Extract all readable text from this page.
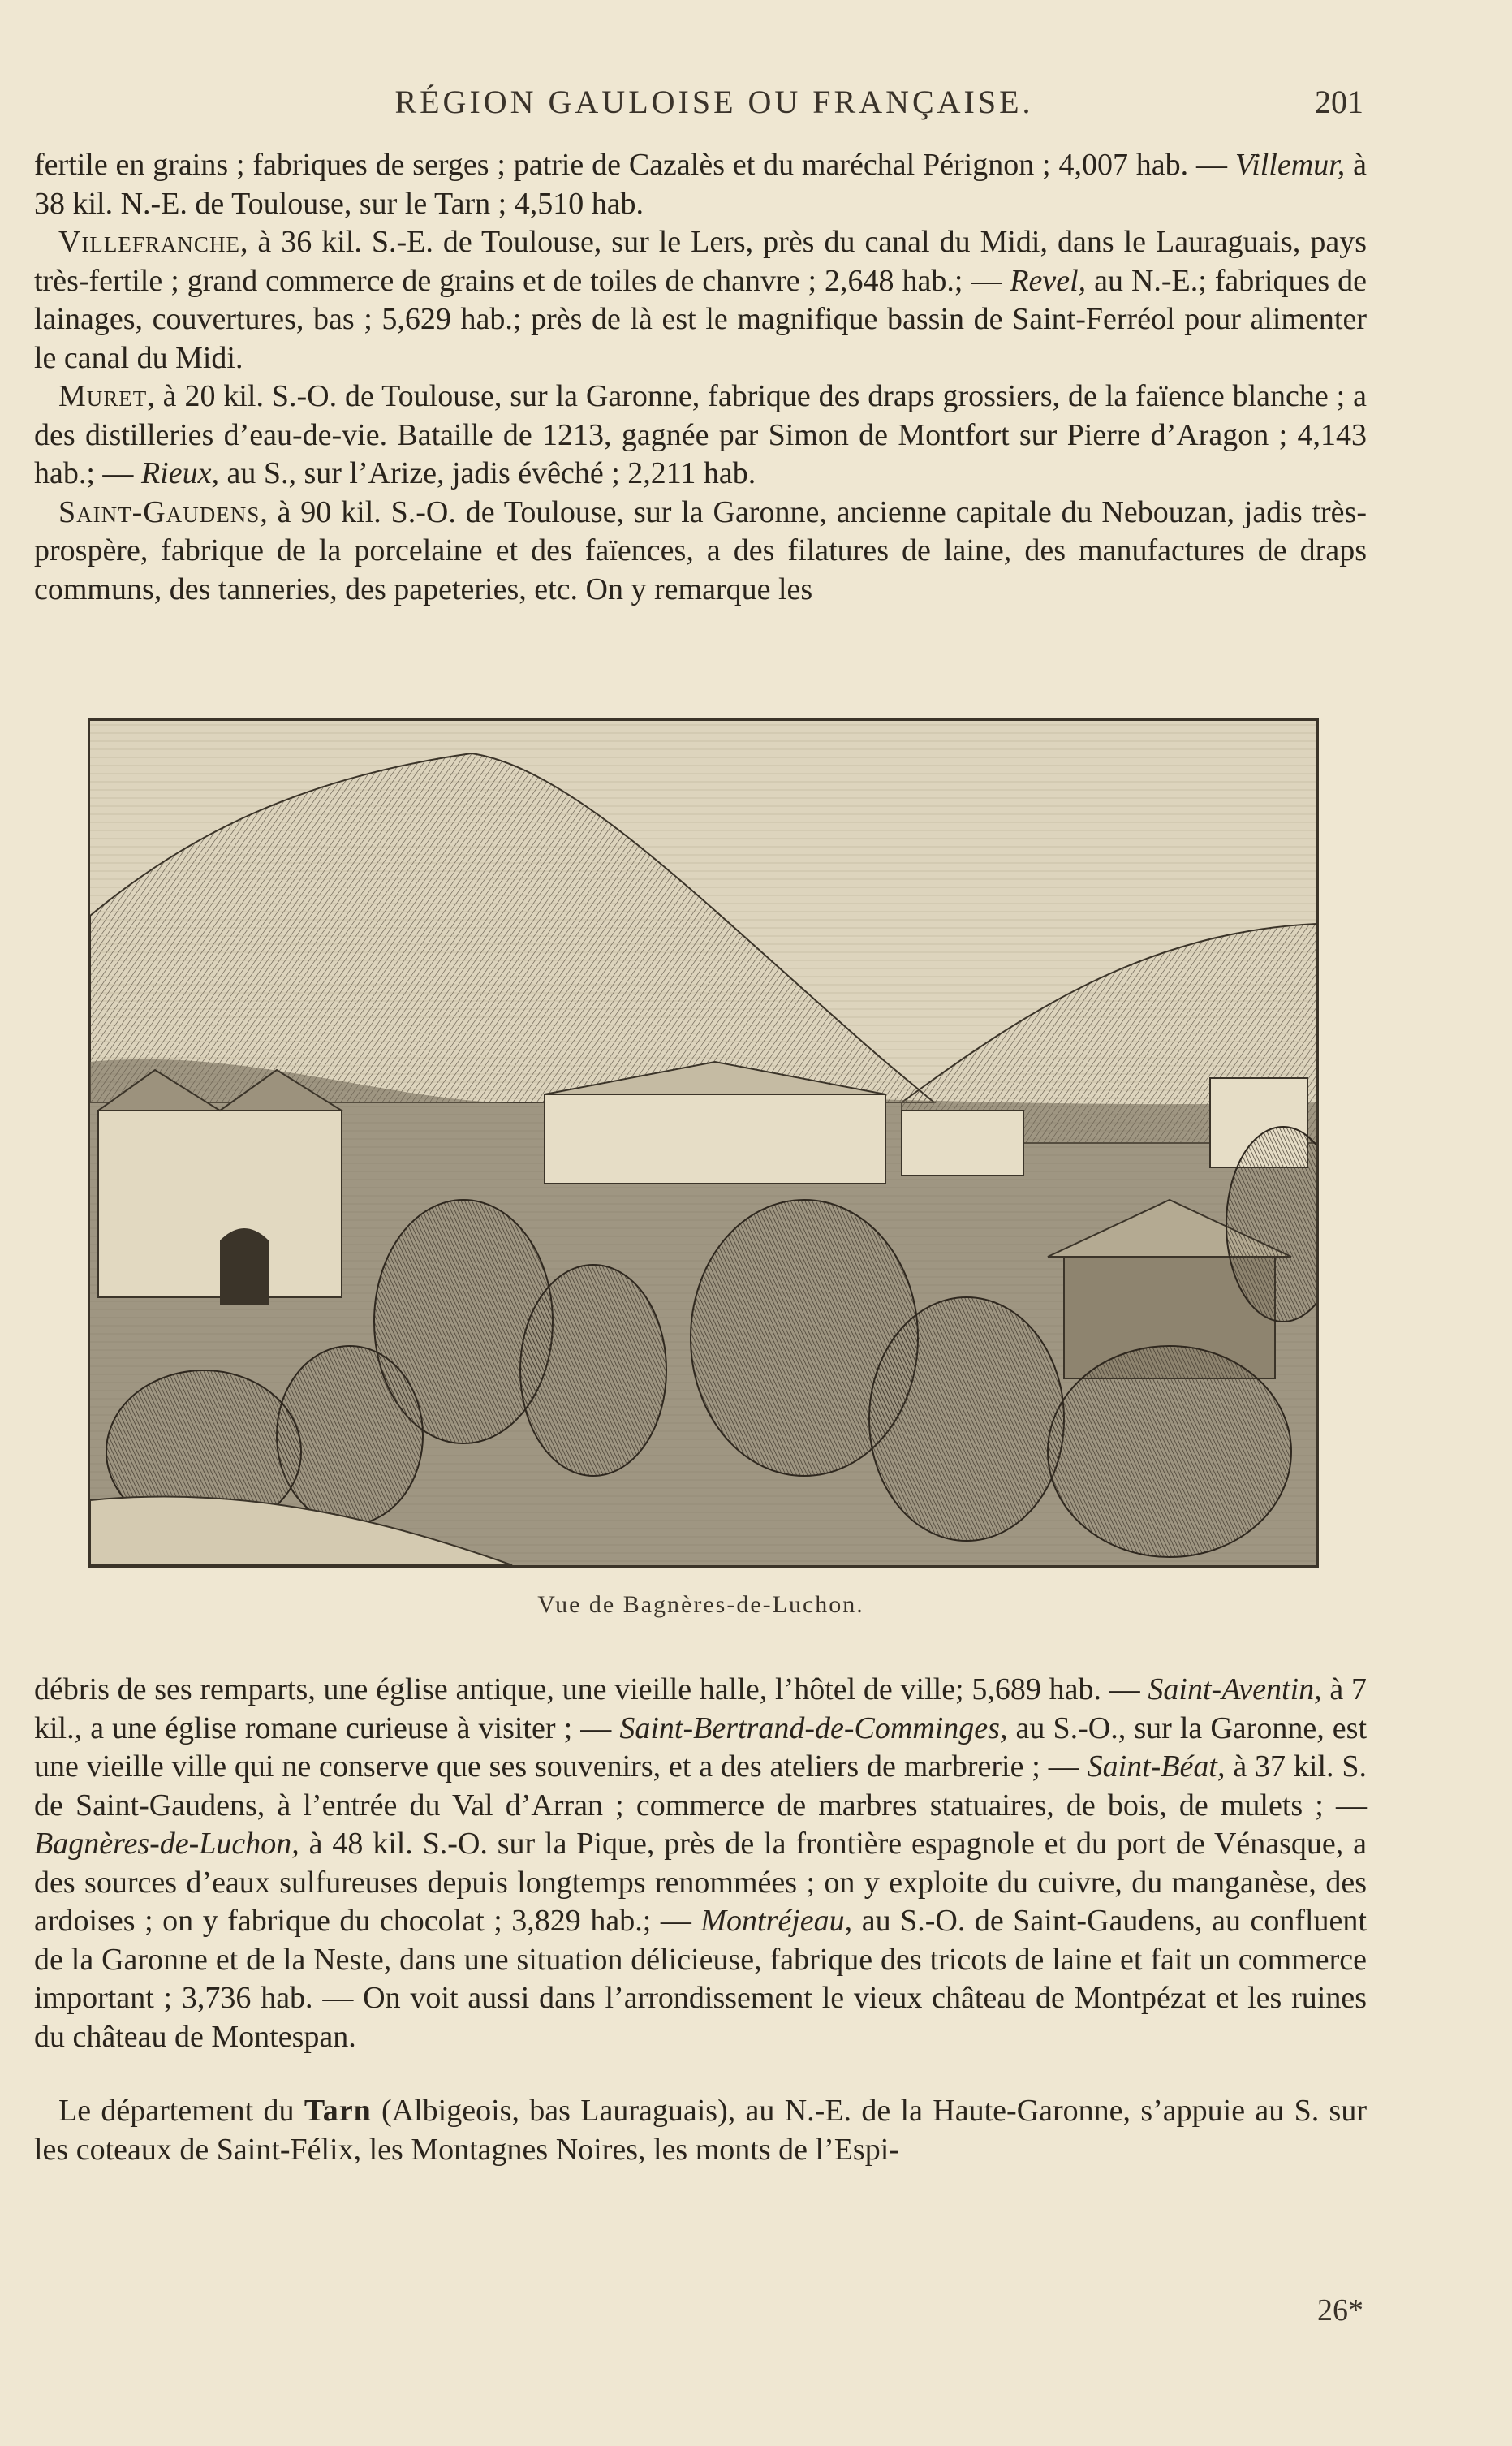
RÉGION GAULOISE OU FRANÇAISE.	201

fertile en grains ; fabriques de serges ; patrie de Cazalès et du maréchal Pérignon ; 4,007 hab. — Villemur, à 38 kil. N.-E. de Toulouse, sur le Tarn ; 4,510 hab.

Villefranche, à 36 kil. S.-E. de Toulouse, sur le Lers, près du canal du Midi, dans le Lauraguais, pays très-fertile ; grand commerce de grains et de toiles de chanvre ; 2,648 hab.; — Revel, au N.-E.; fabriques de lainages, couvertures, bas ; 5,629 hab.; près de là est le magnifique bassin de Saint-Ferréol pour alimenter le canal du Midi.

Muret, à 20 kil. S.-O. de Toulouse, sur la Garonne, fabrique des draps grossiers, de la faïence blanche ; a des distilleries d’eau-de-vie. Bataille de 1213, gagnée par Simon de Montfort sur Pierre d’Aragon ; 4,143 hab.; — Rieux, au S., sur l’Arize, jadis évêché ; 2,211 hab.

Saint-Gaudens, à 90 kil. S.-O. de Toulouse, sur la Garonne, ancienne capitale du Nebouzan, jadis très-prospère, fabrique de la porcelaine et des faïences, a des filatures de laine, des manufactures de draps communs, des tanneries, des papeteries, etc. On y remarque les

Vue de Bagnères-de-Luchon.

débris de ses remparts, une église antique, une vieille halle, l’hôtel de ville; 5,689 hab. — Saint-Aventin, à 7 kil., a une église romane curieuse à visiter ; — Saint-Bertrand-de-Comminges, au S.-O., sur la Garonne, est une vieille ville qui ne conserve que ses souvenirs, et a des ateliers de marbrerie ; — Saint-Béat, à 37 kil. S. de Saint-Gaudens, à l’entrée du Val d’Arran ; commerce de marbres statuaires, de bois, de mulets ; — Bagnères-de-Luchon, à 48 kil. S.-O. sur la Pique, près de la frontière espagnole et du port de Vénasque, a des sources d’eaux sulfureuses depuis longtemps renommées ; on y exploite du cuivre, du manganèse, des ardoises ; on y fabrique du chocolat ; 3,829 hab.; — Montréjeau, au S.-O. de Saint-Gaudens, au confluent de la Garonne et de la Neste, dans une situation délicieuse, fabrique des tricots de laine et fait un commerce important ; 3,736 hab. — On voit aussi dans l’arrondissement le vieux château de Montpézat et les ruines du château de Montespan.

Le département du Tarn (Albigeois, bas Lauraguais), au N.-E. de la Haute-Garonne, s’appuie au S. sur les coteaux de Saint-Félix, les Montagnes Noires, les monts de l’Espi-

26*
